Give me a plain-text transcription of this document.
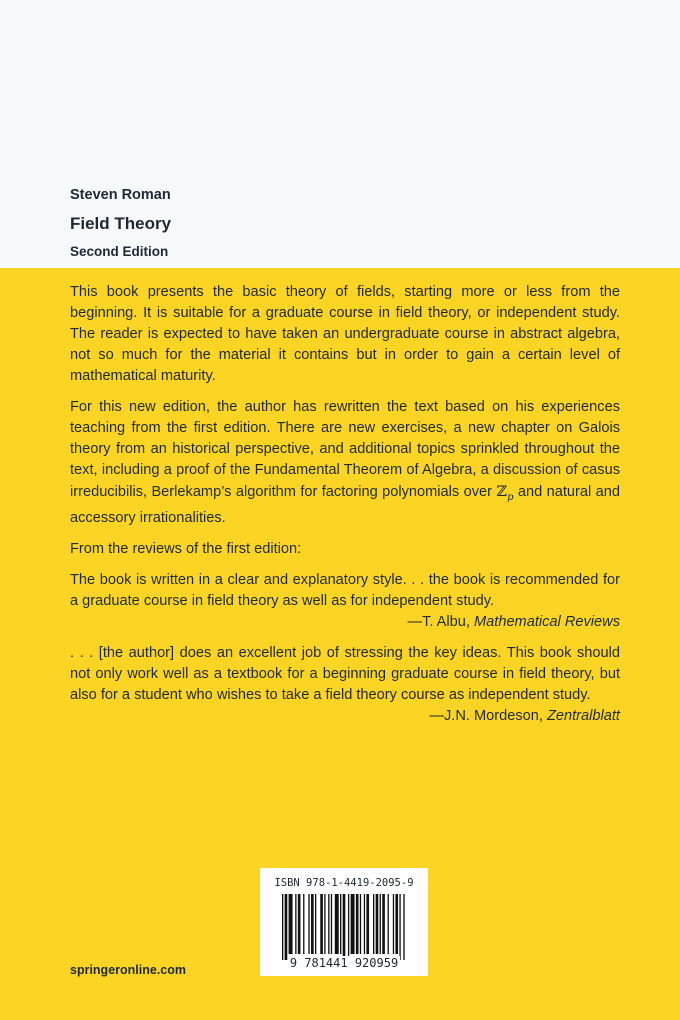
Steven Roman
Field Theory
Second Edition

This book presents the basic theory of fields, starting more or less from the beginning. It is suitable for a graduate course in field theory, or independent study. The reader is expected to have taken an undergraduate course in abstract algebra, not so much for the material it contains but in order to gain a certain level of mathematical maturity.

For this new edition, the author has rewritten the text based on his experiences teaching from the first edition. There are new exercises, a new chapter on Galois theory from an historical perspective, and additional topics sprinkled throughout the text, including a proof of the Fundamental Theorem of Algebra, a discussion of casus irreducibilis, Berlekamp’s algorithm for factoring polynomials over ℤ$_p$ and natural and accessory irrationalities.

From the reviews of the first edition:

The book is written in a clear and explanatory style. . . the book is recommended for a graduate course in field theory as well as for independent study.

—T. Albu, Mathematical Reviews

. . . [the author] does an excellent job of stressing the key ideas. This book should not only work well as a textbook for a beginning graduate course in field theory, but also for a student who wishes to take a field theory course as independent study.

—J.N. Mordeson, Zentralblatt

springeronline.com
ISBN 978-1-4419-2095-9
9 781441 920959
